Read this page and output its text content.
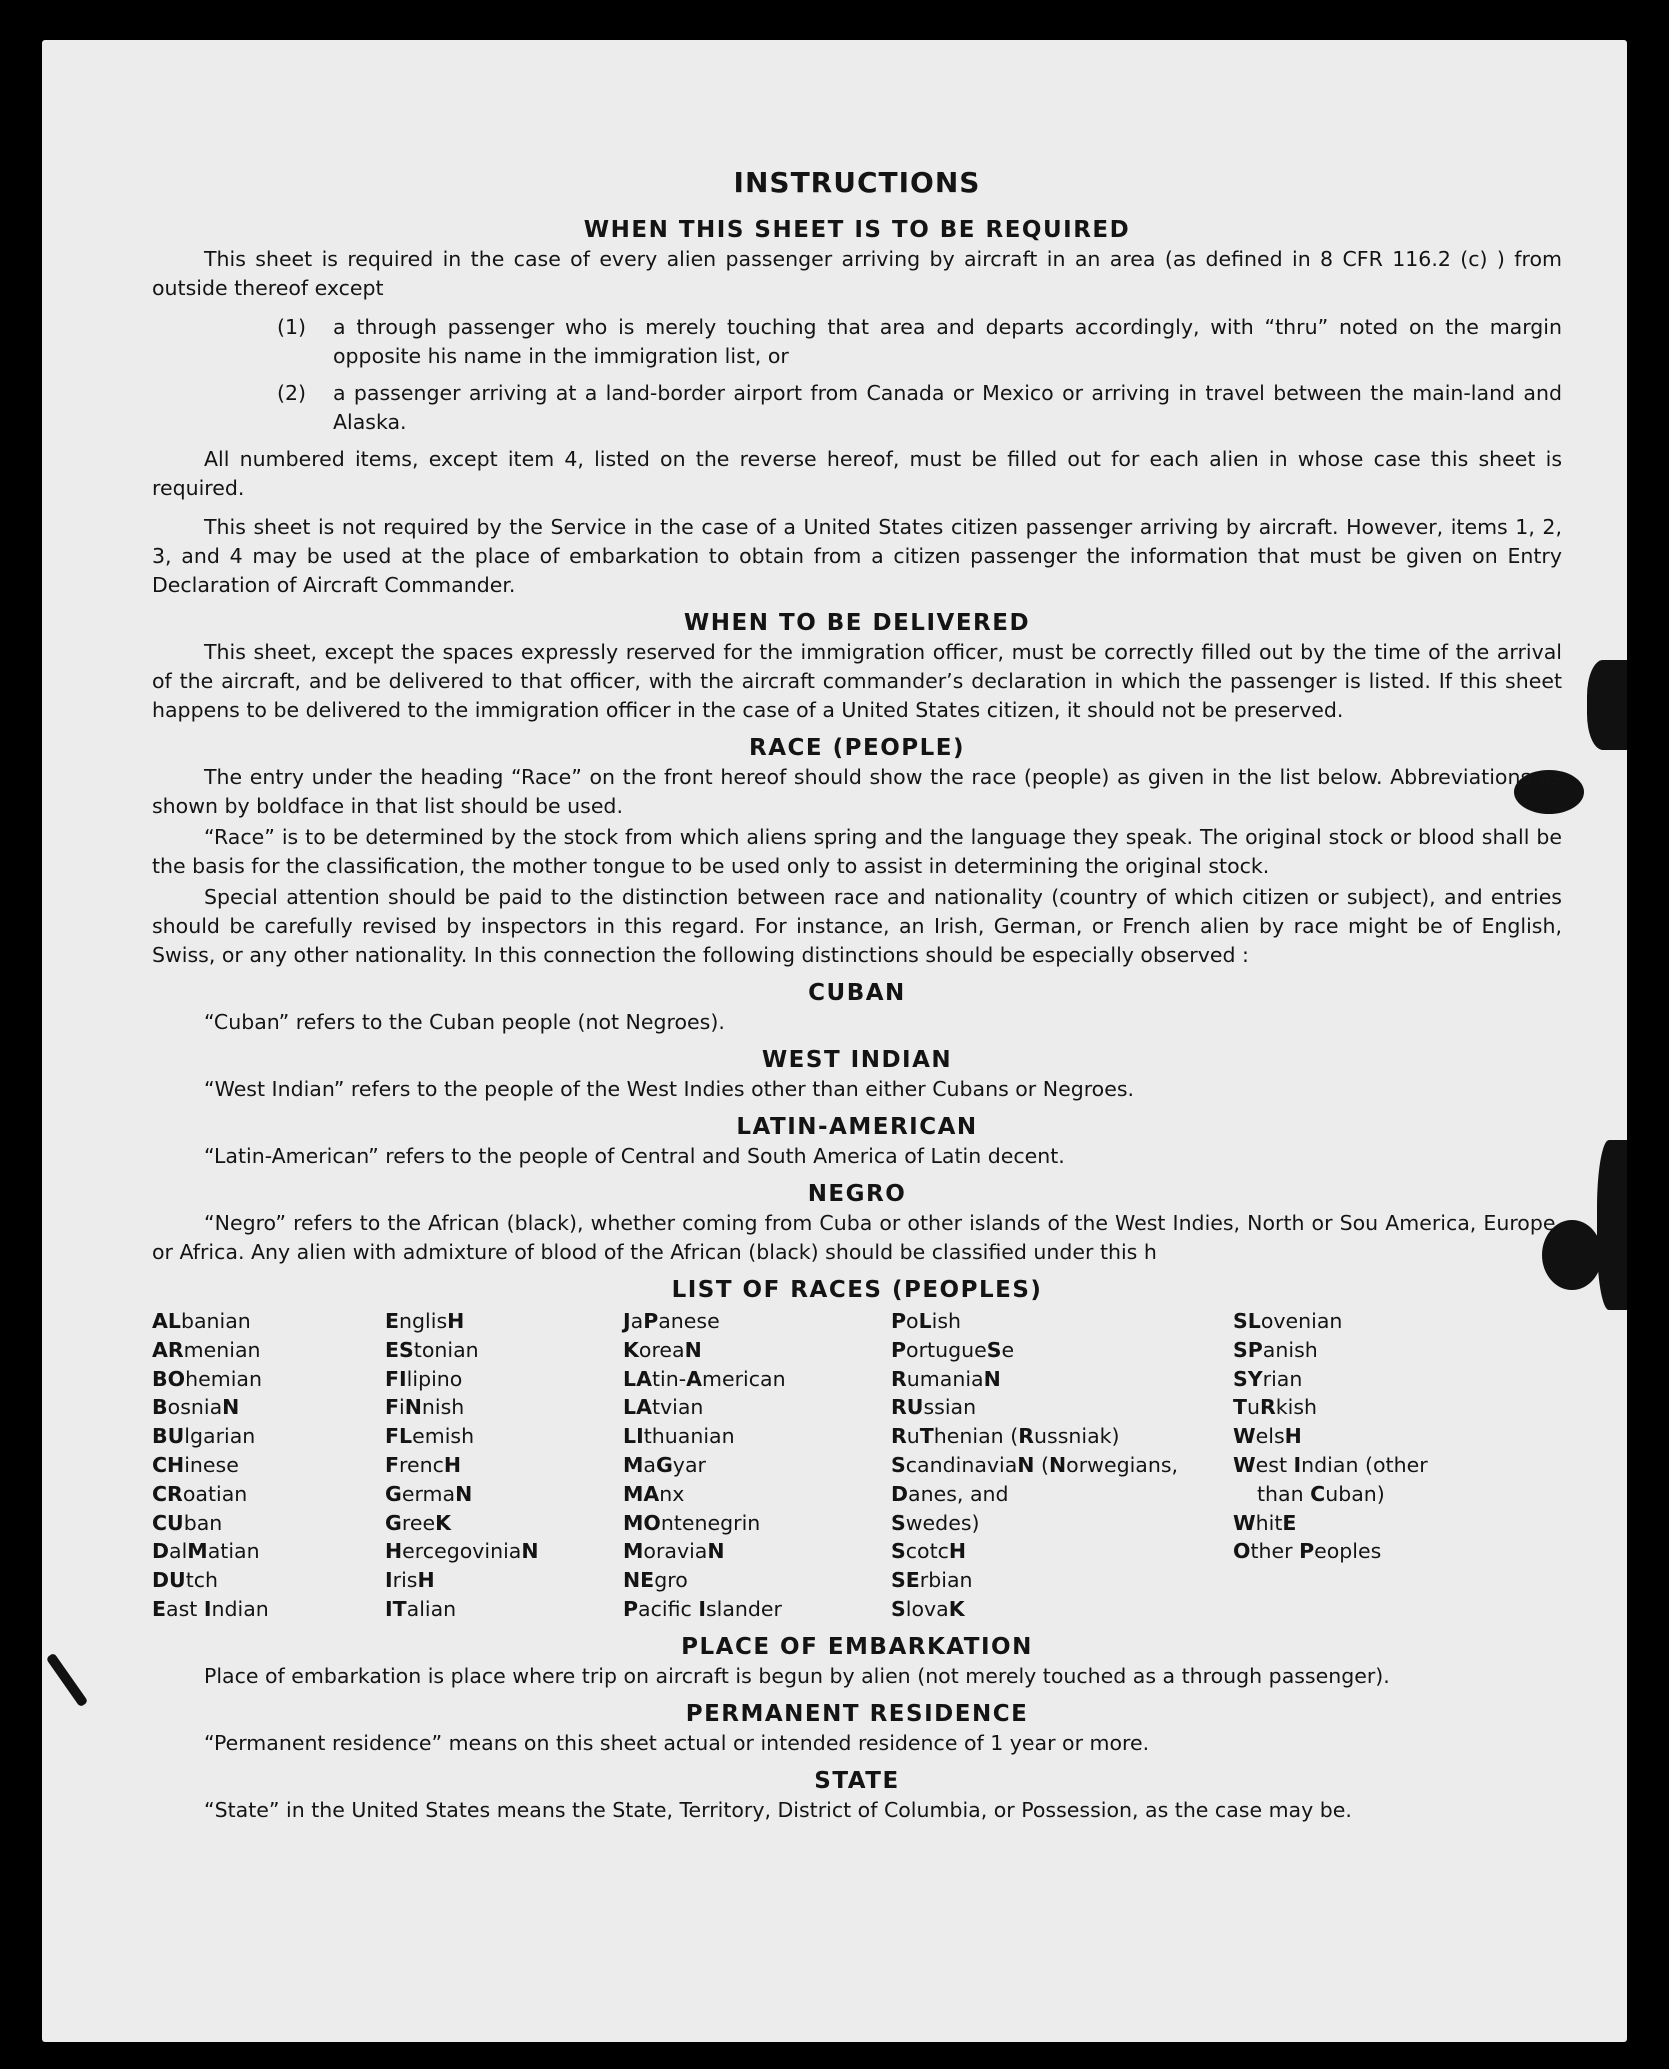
INSTRUCTIONS
WHEN THIS SHEET IS TO BE REQUIRED

This sheet is required in the case of every alien passenger arriving by aircraft in an area (as defined in 8 CFR 116.2 (c) ) from outside thereof except

(1)	a through passenger who is merely touching that area and departs accordingly, with “thru” noted on the margin opposite his name in the immigration list, or
(2)	a passenger arriving at a land-border airport from Canada or Mexico or arriving in travel between the main-land and Alaska.

All numbered items, except item 4, listed on the reverse hereof, must be filled out for each alien in whose case this sheet is required.

This sheet is not required by the Service in the case of a United States citizen passenger arriving by aircraft. However, items 1, 2, 3, and 4 may be used at the place of embarkation to obtain from a citizen passenger the information that must be given on Entry Declaration of Aircraft Commander.

WHEN TO BE DELIVERED

This sheet, except the spaces expressly reserved for the immigration officer, must be correctly filled out by the time of the arrival of the aircraft, and be delivered to that officer, with the aircraft commander’s declaration in which the passenger is listed. If this sheet happens to be delivered to the immigration officer in the case of a United States citizen, it should not be preserved.

RACE (PEOPLE)

The entry under the heading “Race” on the front hereof should show the race (people) as given in the list below. Abbreviations as shown by boldface in that list should be used.

“Race” is to be determined by the stock from which aliens spring and the language they speak. The original stock or blood shall be the basis for the classification, the mother tongue to be used only to assist in determining the original stock.

Special attention should be paid to the distinction between race and nationality (country of which citizen or subject), and entries should be carefully revised by inspectors in this regard. For instance, an Irish, German, or French alien by race might be of English, Swiss, or any other nationality. In this connection the following distinctions should be especially observed :

CUBAN

“Cuban” refers to the Cuban people (not Negroes).

WEST INDIAN

“West Indian” refers to the people of the West Indies other than either Cubans or Negroes.

LATIN-AMERICAN

“Latin-American” refers to the people of Central and South America of Latin decent.

NEGRO

“Negro” refers to the African (black), whether coming from Cuba or other islands of the West Indies, North or Sou America, Europe, or Africa. Any alien with admixture of blood of the African (black) should be classified under this h

LIST OF RACES (PEOPLES)
ALbanian
ARmenian
BOhemian
BosniaN
BUlgarian
CHinese
CRoatian
CUban
DalMatian
DUtch
East Indian
EnglisH
EStonian
FIlipino
FiNnish
FLemish
FrencH
GermaN
GreeK
HercegoviniaN
IrisH
ITalian
JaPanese
KoreaN
LAtin-American
LAtvian
LIthuanian
MaGyar
MAnx
MOntenegrin
MoraviaN
NEgro
Pacifc Islander
PoLish
PortugueSe
RumaniaN
RUssian
RuThenian (Russniak)
ScandinaviaN (Norwegians,
Danes, and
Swedes)
ScotcH
SErbian
SlovaK
SLovenian
SPanish
SYrian
TuRkish
WelsH
West Indian (other
than Cuban)
WhitE
Other Peoples
PLACE OF EMBARKATION

Place of embarkation is place where trip on aircraft is begun by alien (not merely touched as a through passenger).

PERMANENT RESIDENCE

“Permanent residence” means on this sheet actual or intended residence of 1 year or more.

STATE

“State” in the United States means the State, Territory, District of Columbia, or Possession, as the case may be.
